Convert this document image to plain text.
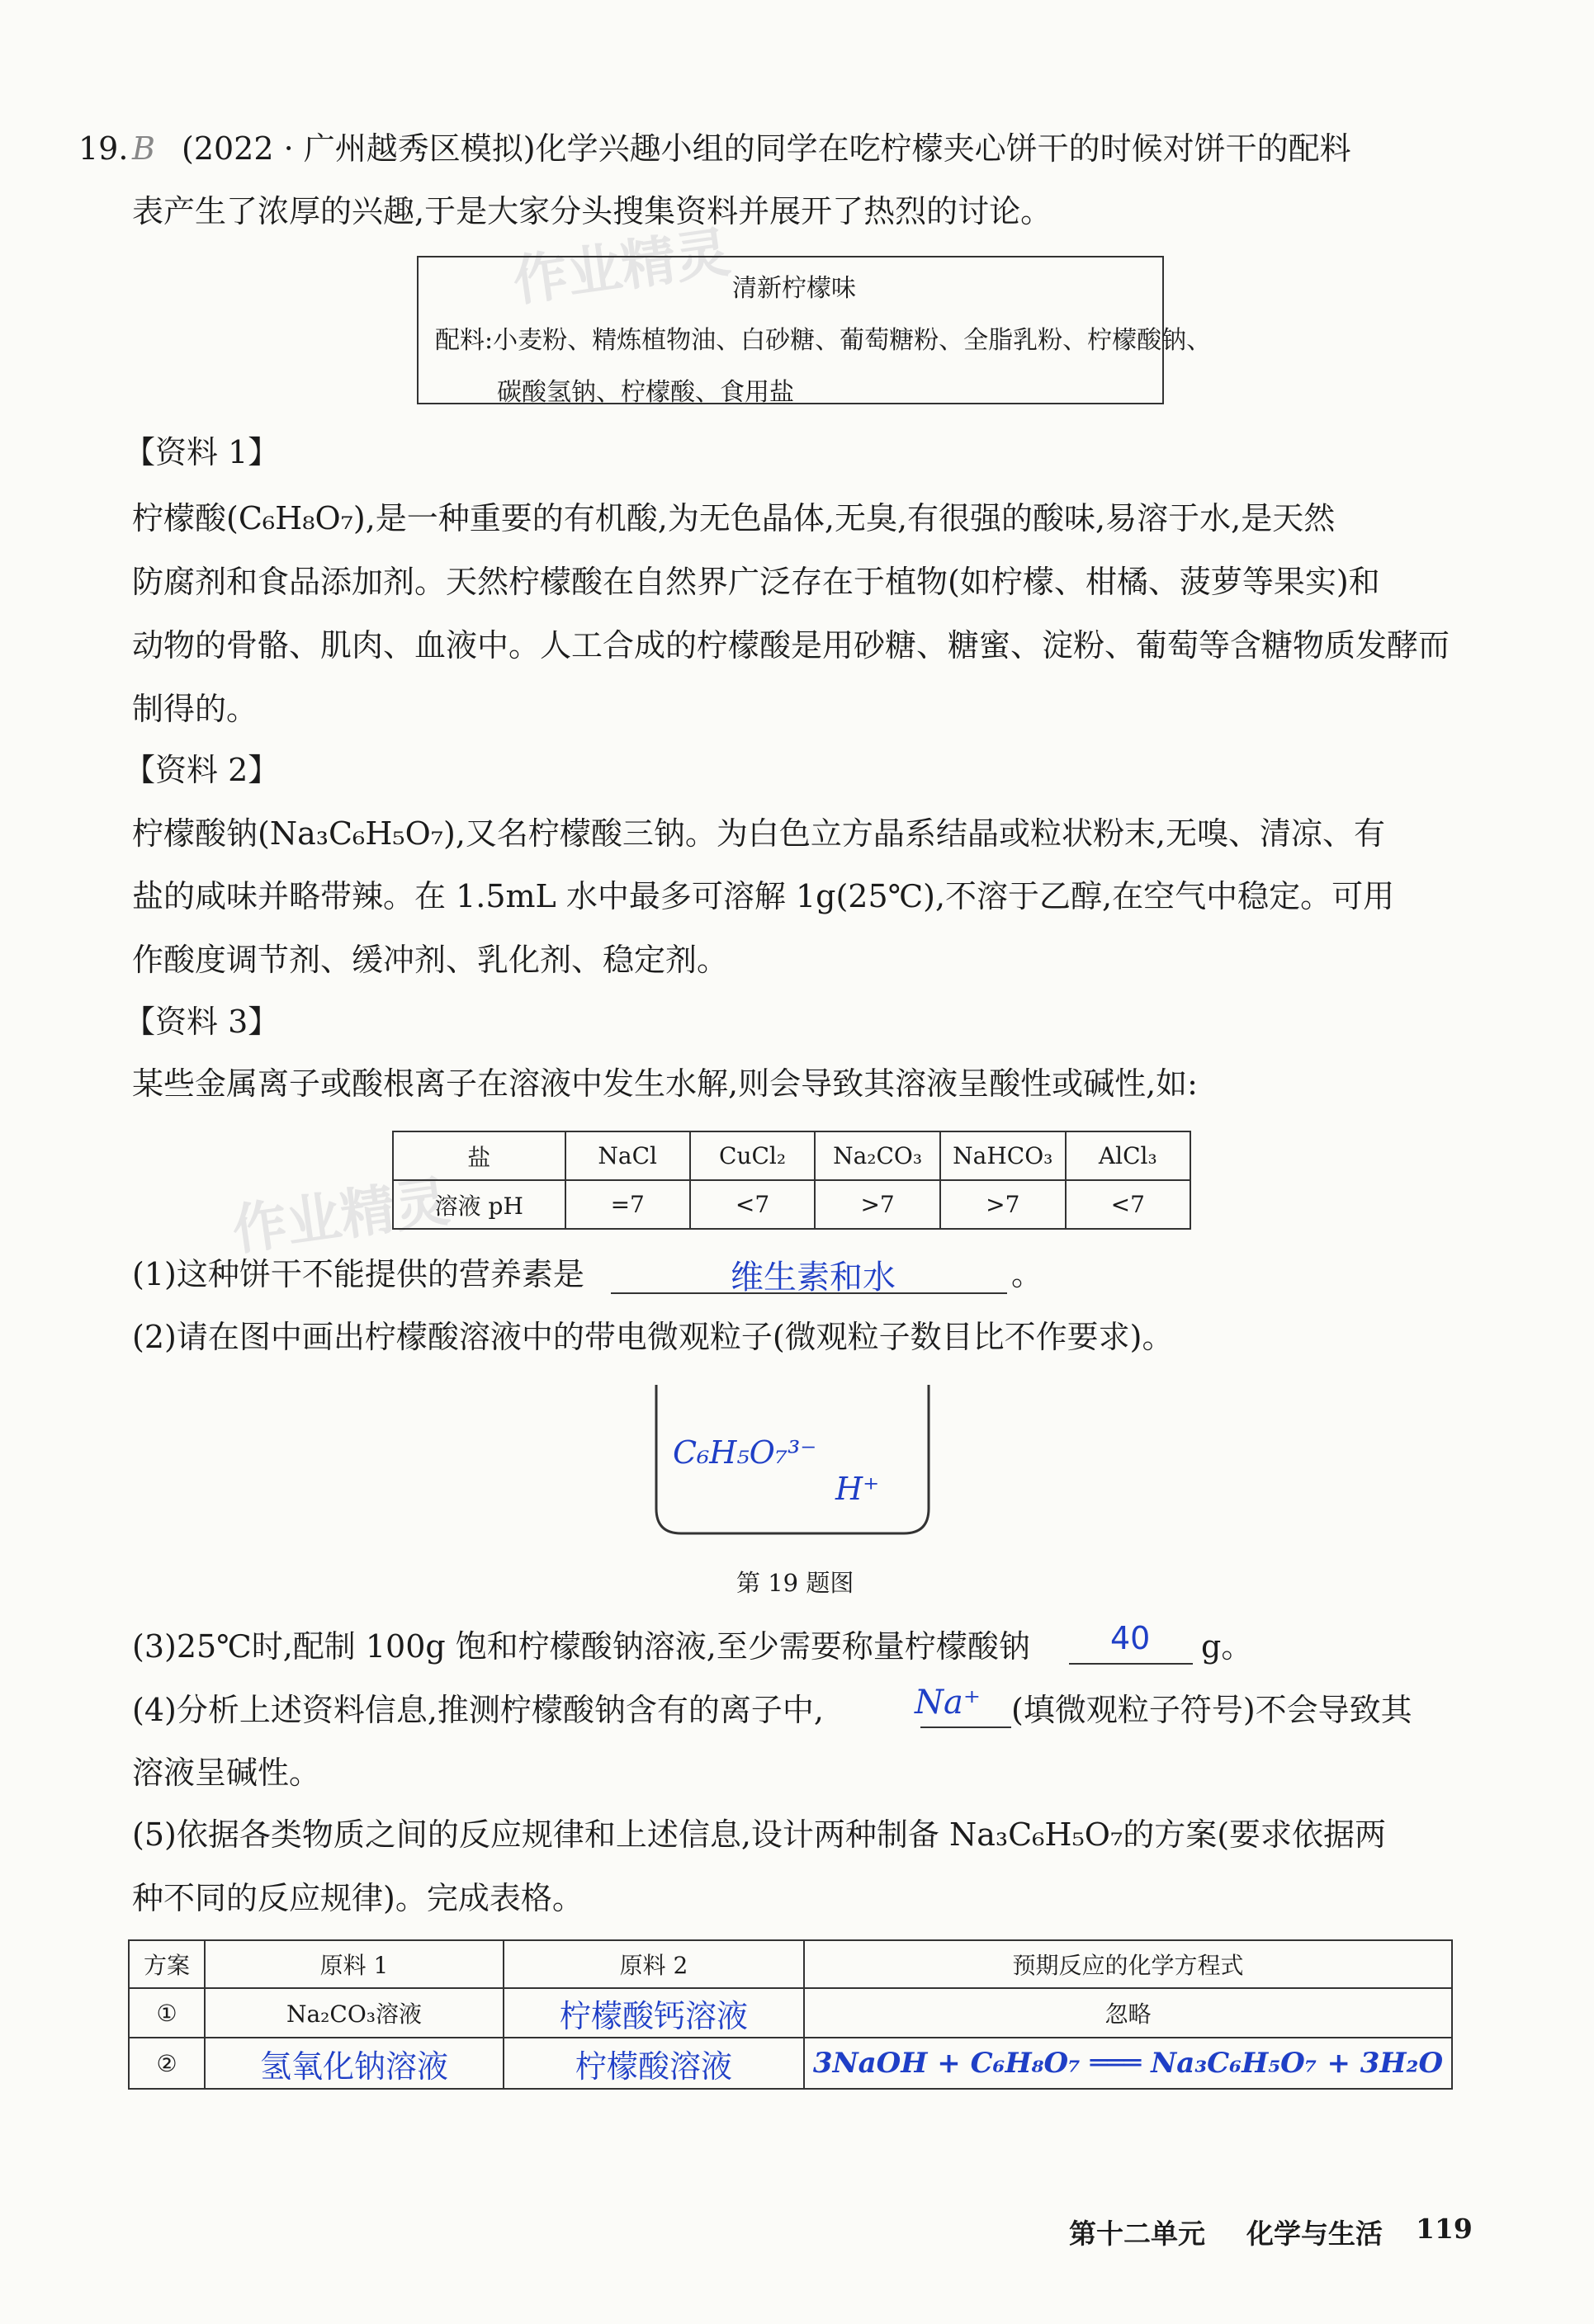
作业精灵
作业精灵
19. B (2022 · 广州越秀区模拟)化学兴趣小组的同学在吃柠檬夹心饼干的时候对饼干的配料
表产生了浓厚的兴趣,于是大家分头搜集资料并展开了热烈的讨论。
清新柠檬味
配料:小麦粉、精炼植物油、白砂糖、葡萄糖粉、全脂乳粉、柠檬酸钠、
碳酸氢钠、柠檬酸、食用盐
【资料 1】
柠檬酸(C₆H₈O₇),是一种重要的有机酸,为无色晶体,无臭,有很强的酸味,易溶于水,是天然
防腐剂和食品添加剂。天然柠檬酸在自然界广泛存在于植物(如柠檬、柑橘、菠萝等果实)和
动物的骨骼、肌肉、血液中。人工合成的柠檬酸是用砂糖、糖蜜、淀粉、葡萄等含糖物质发酵而
制得的。
【资料 2】
柠檬酸钠(Na₃C₆H₅O₇),又名柠檬酸三钠。为白色立方晶系结晶或粒状粉末,无嗅、清凉、有
盐的咸味并略带辣。在 1.5mL 水中最多可溶解 1g(25℃),不溶于乙醇,在空气中稳定。可用
作酸度调节剂、缓冲剂、乳化剂、稳定剂。
【资料 3】
某些金属离子或酸根离子在溶液中发生水解,则会导致其溶液呈酸性或碱性,如:
盐	NaCl	CuCl₂	Na₂CO₃	NaHCO₃	AlCl₃
溶液 pH	=7	<7	>7	>7	<7
(1)这种饼干不能提供的营养素是	维生素和水	。
(2)请在图中画出柠檬酸溶液中的带电微观粒子(微观粒子数目比不作要求)。
C₆H₅O₇³⁻
H⁺
第 19 题图
(3)25℃时,配制 100g 饱和柠檬酸钠溶液,至少需要称量柠檬酸钠	40 g。
(4)分析上述资料信息,推测柠檬酸钠含有的离子中,	Na⁺ (填微观粒子符号)不会导致其
溶液呈碱性。
(5)依据各类物质之间的反应规律和上述信息,设计两种制备 Na₃C₆H₅O₇的方案(要求依据两
种不同的反应规律)。完成表格。
方案	原料 1	原料 2	预期反应的化学方程式
①	Na₂CO₃溶液	柠檬酸钙溶液	忽略
②	氢氧化钠溶液	柠檬酸溶液	3NaOH + C₆H₈O₇ ═══ Na₃C₆H₅O₇ + 3H₂O
第十二单元 化学与生活 119
